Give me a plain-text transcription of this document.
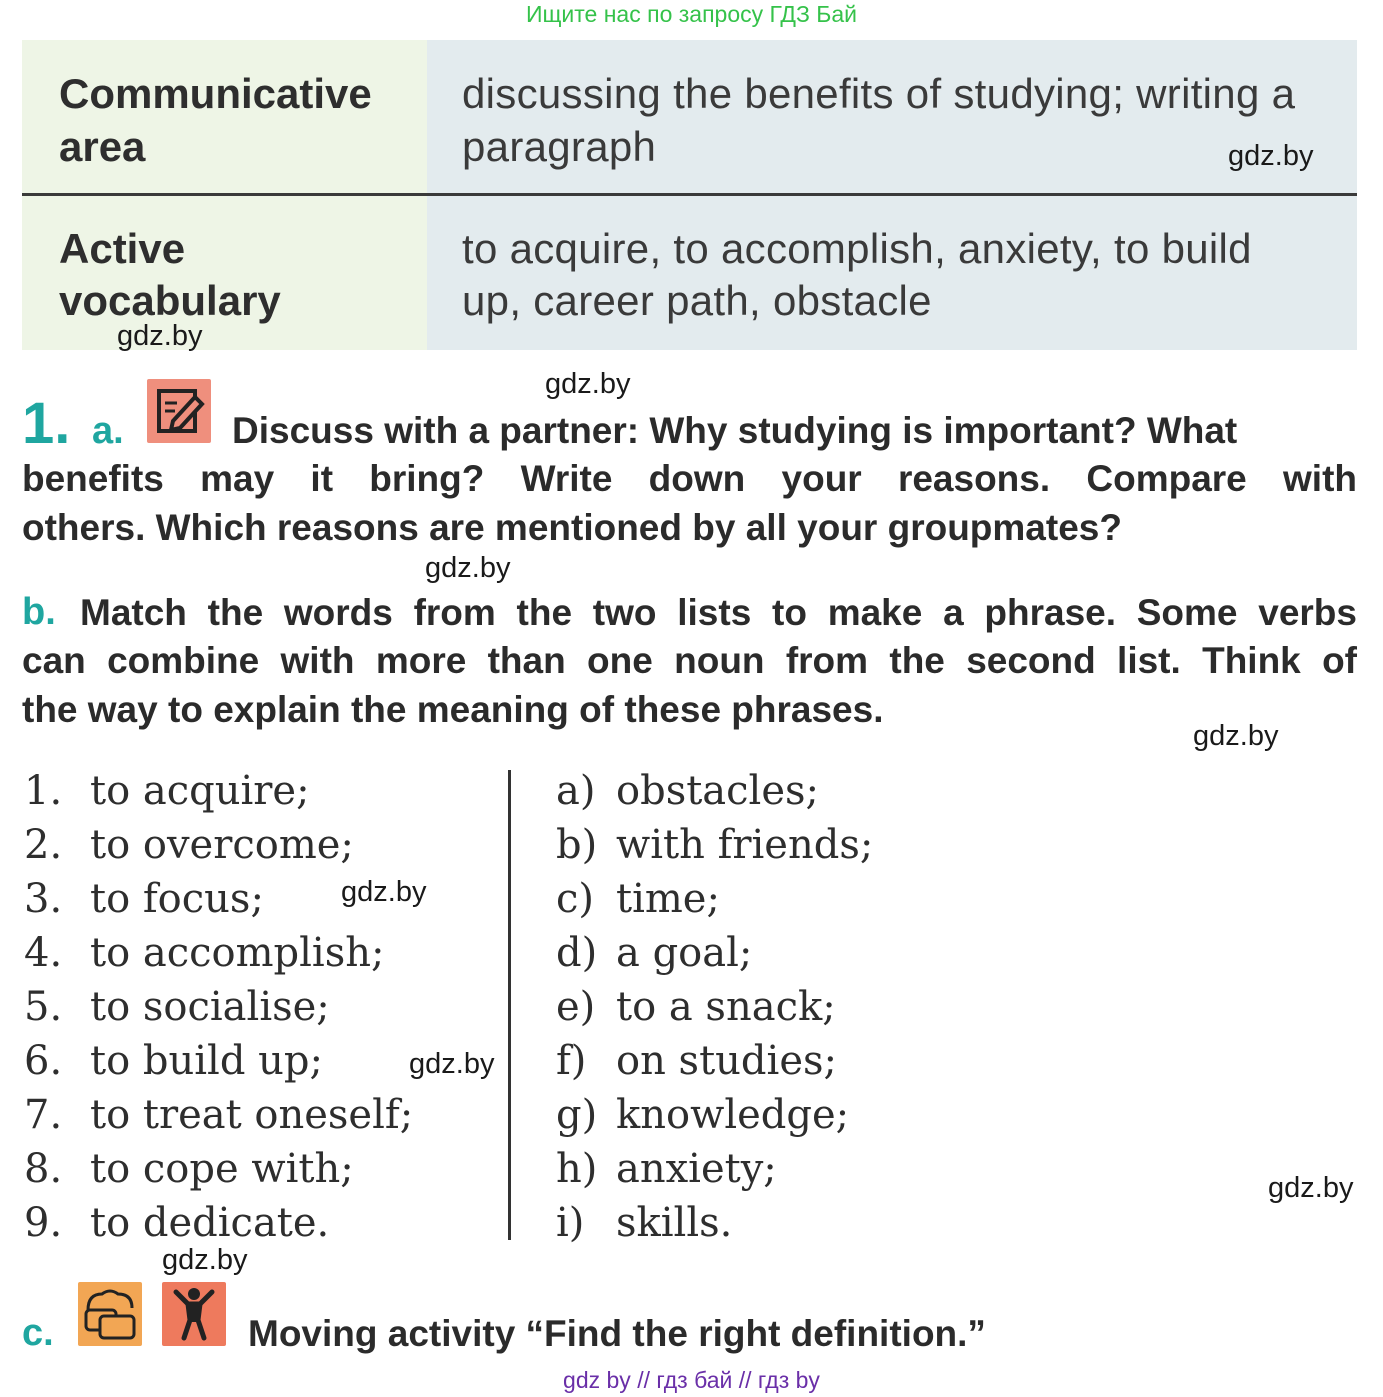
Ищите нас по запросу ГДЗ Бай
Communicative
area
discussing the benefits of studying; writing a
paragraph
Active
vocabulary
to acquire, to accomplish, anxiety, to build
up, career path, obstacle
gdz.by
gdz.by
gdz.by
gdz.by
gdz.by
gdz.by
gdz.by
gdz.by
gdz.by
1. a.	Discuss with a partner: Why studying is important? What
benefits may it bring? Write down your reasons. Compare with
others. Which reasons are mentioned by all your groupmates?
b. Match the words from the two lists to make a phrase. Some verbs
can combine with more than one noun from the second list. Think of
the way to explain the meaning of these phrases.
1. to acquire;
2. to overcome;
3. to focus;
4. to accomplish;
5. to socialise;
6. to build up;
7. to treat oneself;
8. to cope with;
9. to dedicate.
a) obstacles;
b) with friends;
c) time;
d) a goal;
e) to a snack;
f) on studies;
g) knowledge;
h) anxiety;
i) skills.
c.	Moving activity “Find the right definition.”
gdz by // гдз бай // гдз by
